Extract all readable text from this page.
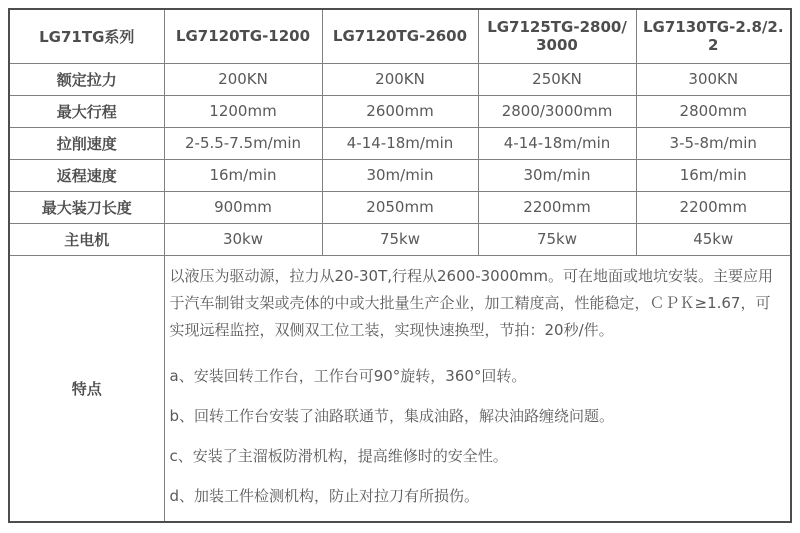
LG71TG系列	LG7120TG-1200	LG7120TG-2600	LG7125TG-2800/3000	LG7130TG-2.8/2.2
额定拉力	200KN	200KN	250KN	300KN
最大行程	1200mm	2600mm	2800/3000mm	2800mm
拉削速度	2-5.5-7.5m/min	4-14-18m/min	4-14-18m/min	3-5-8m/min
返程速度	16m/min	30m/min	30m/min	16m/min
最大装刀长度	900mm	2050mm	2200mm	2200mm
主电机	30kw	75kw	75kw	45kw
特点	以液压为驱动源，拉力从20-30T,行程从2600-3000mm。可在地面或地坑安装。主要应用于汽车制钳支架或壳体的中或大批量生产企业，加工精度高，性能稳定，ＣＰＫ≥1.67，可实现远程监控，双侧双工位工装，实现快速换型，节拍：20秒/件。

a、安装回转工作台，工作台可90°旋转，360°回转。

b、回转工作台安装了油路联通节，集成油路，解决油路缠绕问题。

c、安装了主溜板防滑机构，提高维修时的安全性。

d、加装工件检测机构，防止对拉刀有所损伤。			
